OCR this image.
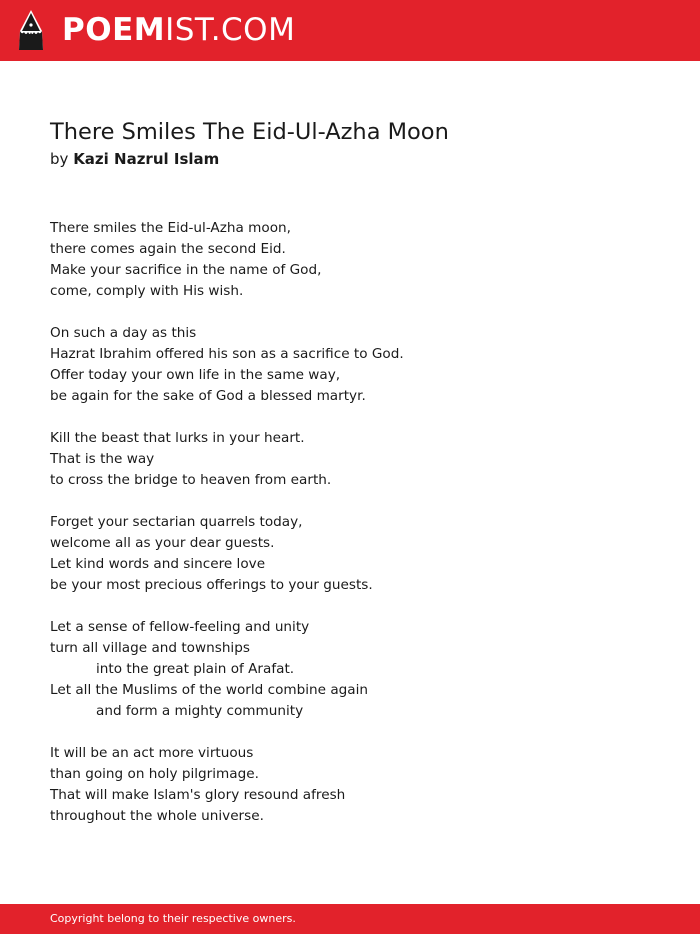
POEMIST.COM
There Smiles The Eid-Ul-Azha Moon
by Kazi Nazrul Islam
There smiles the Eid-ul-Azha moon,
there comes again the second Eid.
Make your sacrifice in the name of God,
come, comply with His wish.
On such a day as this
Hazrat Ibrahim offered his son as a sacrifice to God.
Offer today your own life in the same way,
be again for the sake of God a blessed martyr.
Kill the beast that lurks in your heart.
That is the way
to cross the bridge to heaven from earth.
Forget your sectarian quarrels today,
welcome all as your dear guests.
Let kind words and sincere love
be your most precious offerings to your guests.
Let a sense of fellow-feeling and unity
turn all village and townships
into the great plain of Arafat.
Let all the Muslims of the world combine again
and form a mighty community
It will be an act more virtuous
than going on holy pilgrimage.
That will make Islam's glory resound afresh
throughout the whole universe.
Copyright belong to their respective owners.
